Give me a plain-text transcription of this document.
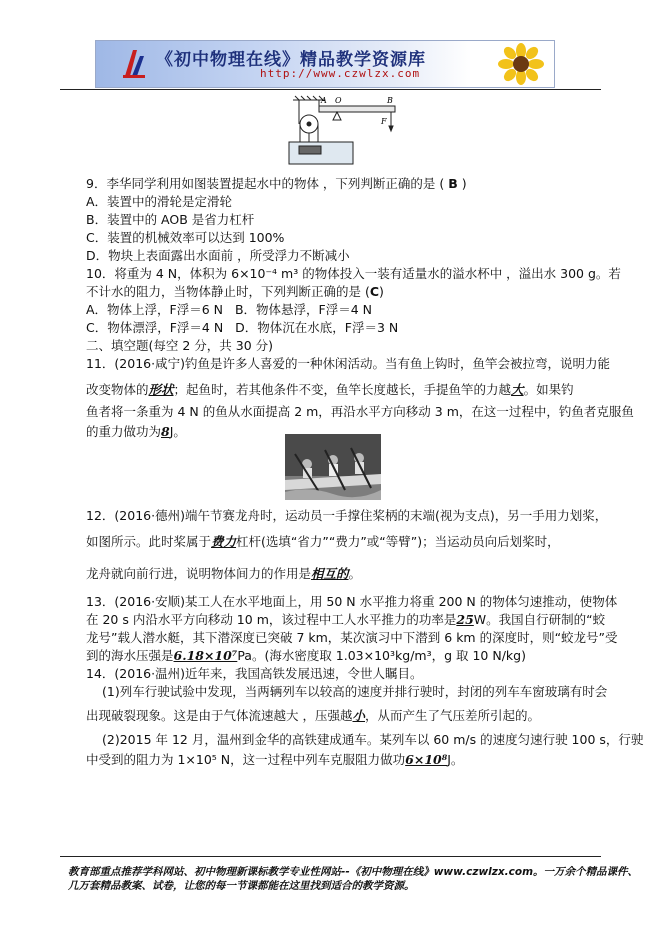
《初中物理在线》精品教学资源库
http://www.czwlzx.com
A O	B
F
9．李华同学利用如图装置提起水中的物体 ，下列判断正确的是 ( B )
A．装置中的滑轮是定滑轮
B．装置中的 AOB 是省力杠杆
C．装置的机械效率可以达到 100%
D．物块上表面露出水面前 ，所受浮力不断减小
10．将重为 4 N，体积为 6×10⁻⁴ m³ 的物体投入一装有适量水的溢水杯中 ，溢出水 300 g。若
不计水的阻力，当物体静止时，下列判断正确的是 (C)
A．物体上浮，F浮＝6 N B．物体悬浮，F浮＝4 N
C．物体漂浮，F浮＝4 N D．物体沉在水底，F浮＝3 N
二、填空题(每空 2 分，共 30 分)
11．(2016·咸宁)钓鱼是许多人喜爱的一种休闲活动。当有鱼上钩时，鱼竿会被拉弯，说明力能
改变物体的形状；起鱼时，若其他条件不变，鱼竿长度越长，手提鱼竿的力越大。如果钓
鱼者将一条重为 4 N 的鱼从水面提高 2 m，再沿水平方向移动 3 m，在这一过程中，钓鱼者克服鱼
的重力做功为8J。
12．(2016·德州)端午节赛龙舟时，运动员一手撑住桨柄的末端(视为支点)，另一手用力划桨，
如图所示。此时桨属于费力杠杆(选填“省力”“费力”或“等臂”)；当运动员向后划桨时，
龙舟就向前行进，说明物体间力的作用是相互的。
13．(2016·安顺)某工人在水平地面上，用 50 N 水平推力将重 200 N 的物体匀速推动，使物体
在 20 s 内沿水平方向移动 10 m，该过程中工人水平推力的功率是25W。我国自行研制的“蛟
龙号”载人潜水艇，其下潜深度已突破 7 km，某次演习中下潜到 6 km 的深度时，则“蛟龙号”受
到的海水压强是6.18×10⁷Pa。(海水密度取 1.03×10³kg/m³，g 取 10 N/kg)
14．(2016·温州)近年来，我国高铁发展迅速，令世人瞩目。
(1)列车行驶试验中发现，当两辆列车以较高的速度并排行驶时，封闭的列车车窗玻璃有时会
出现破裂现象。这是由于气体流速越大 ，压强越小，从而产生了气压差所引起的。
(2)2015 年 12 月，温州到金华的高铁建成通车。某列车以 60 m/s 的速度匀速行驶 100 s，行驶
中受到的阻力为 1×10⁵ N，这一过程中列车克服阻力做功6×10⁸J。
教育部重点推荐学科网站、初中物理新课标教学专业性网站--《初中物理在线》www.czwlzx.com。一万余个精品课件、
几万套精品教案、试卷，让您的每一节课都能在这里找到适合的教学资源。
